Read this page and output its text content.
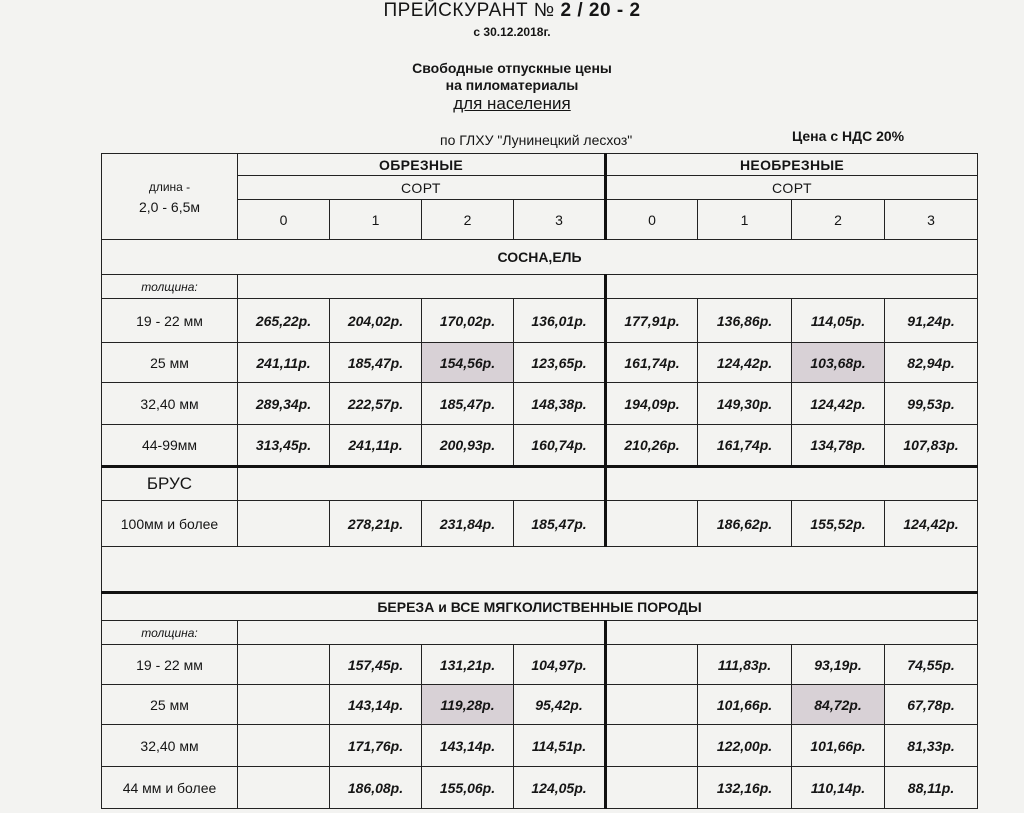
ПРЕЙСКУРАНТ № 2 / 20 - 2
с 30.12.2018г.
Свободные отпускные цены
на пиломатериалы
для населения
по ГЛХУ "Лунинецкий лесхоз"	Цена с НДС 20%
длина -
2,0 - 6,5м	ОБРЕЗНЫЕ				НЕОБРЕЗНЫЕ			
	СОРТ				СОРТ			
	0	1	2	3	0	1	2	3
СОСНА,ЕЛЬ								
толщина:								
19 - 22 мм	265,22р.	204,02р.	170,02р.	136,01р.	177,91р.	136,86р.	114,05р.	91,24р.
25 мм	241,11р.	185,47р.	154,56р.	123,65р.	161,74р.	124,42р.	103,68р.	82,94р.
32,40 мм	289,34р.	222,57р.	185,47р.	148,38р.	194,09р.	149,30р.	124,42р.	99,53р.
44-99мм	313,45р.	241,11р.	200,93р.	160,74р.	210,26р.	161,74р.	134,78р.	107,83р.
БРУС								
100мм и более		278,21р.	231,84р.	185,47р.		186,62р.	155,52р.	124,42р.

БЕРЕЗА и ВСЕ МЯГКОЛИСТВЕННЫЕ ПОРОДЫ								
толщина:								
19 - 22 мм		157,45р.	131,21р.	104,97р.		111,83р.	93,19р.	74,55р.
25 мм		143,14р.	119,28р.	95,42р.		101,66р.	84,72р.	67,78р.
32,40 мм		171,76р.	143,14р.	114,51р.		122,00р.	101,66р.	81,33р.
44 мм и более		186,08р.	155,06р.	124,05р.		132,16р.	110,14р.	88,11р.
